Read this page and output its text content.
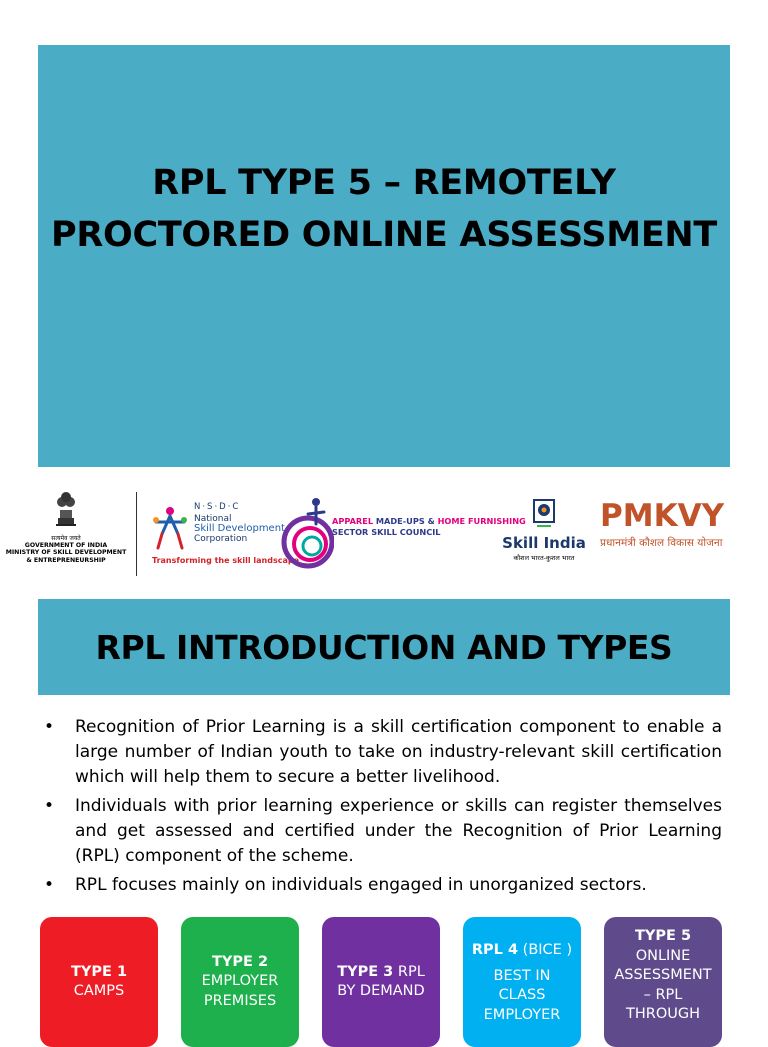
RPL TYPE 5 – REMOTELY
PROCTORED ONLINE ASSESSMENT
सत्यमेव जयते
GOVERNMENT OF INDIA
MINISTRY OF SKILL DEVELOPMENT
& ENTREPRENEURSHIP
N·S·D·C
National
Skill Development
Corporation
Transforming the skill landscape
APPAREL MADE-UPS & HOME FURNISHING
SECTOR SKILL COUNCIL
Skill India
कौशल भारत-कुशल भारत
PMKVY
प्रधानमंत्री कौशल विकास योजना
RPL INTRODUCTION AND TYPES
• Recognition of Prior Learning is a skill certification component to enable a large number of Indian youth to take on industry-relevant skill certification which will help them to secure a better livelihood.
• Individuals with prior learning experience or skills can register themselves and get assessed and certified under the Recognition of Prior Learning (RPL) component of the scheme.
• RPL focuses mainly on individuals engaged in unorganized sectors.
TYPE 1
CAMPS
TYPE 2
EMPLOYER PREMISES
TYPE 3 RPL BY DEMAND
RPL 4 (BICE )
BEST IN CLASS EMPLOYER
TYPE 5
ONLINE ASSESSMENT – RPL THROUGH
